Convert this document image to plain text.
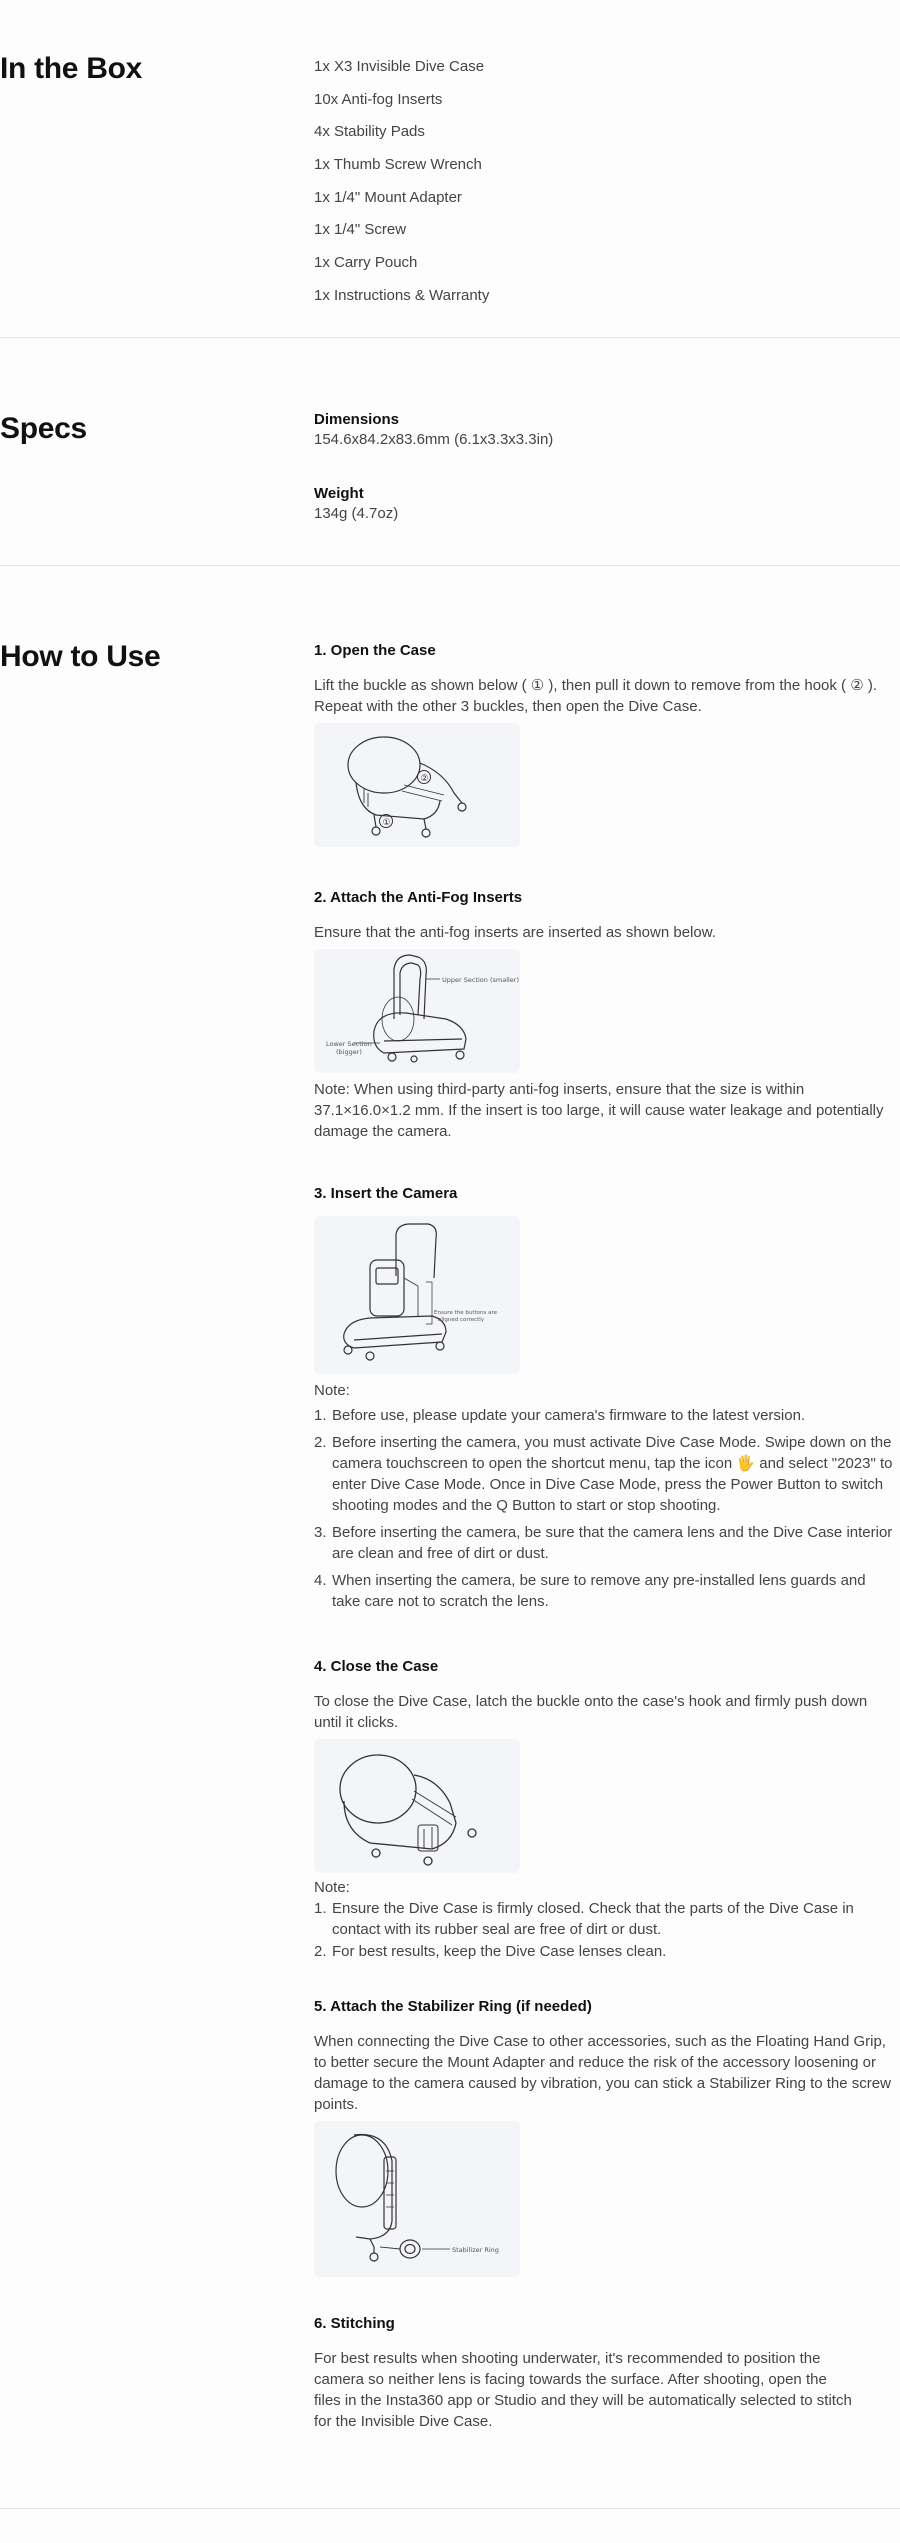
In the Box	1x X3 Invisible Dive Case
10x Anti-fog Inserts
4x Stability Pads
1x Thumb Screw Wrench
1x 1/4" Mount Adapter
1x 1/4" Screw
1x Carry Pouch
1x Instructions & Warranty
Specs	Dimensions
154.6x84.2x83.6mm (6.1x3.3x3.3in)
Weight
134g (4.7oz)
How to Use	1. Open the Case

Lift the buckle as shown below ( ① ), then pull it down to remove from the hook ( ② ). Repeat with the other 3 buckles, then open the Dive Case.

②
①
2. Attach the Anti-Fog Inserts

Ensure that the anti-fog inserts are inserted as shown below.

Upper Section (smaller)
Lower Section
(bigger)

Note: When using third-party anti-fog inserts, ensure that the size is within 37.1×16.0×1.2 mm. If the insert is too large, it will cause water leakage and potentially damage the camera.

3. Insert the Camera
Ensure the buttons are
aligned correctly

Note:

1. Before use, please update your camera's firmware to the latest version.
2. Before inserting the camera, you must activate Dive Case Mode. Swipe down on the camera touchscreen to open the shortcut menu, tap the icon 🖐 and select "2023" to enter Dive Case Mode. Once in Dive Case Mode, press the Power Button to switch shooting modes and the Q Button to start or stop shooting.
3. Before inserting the camera, be sure that the camera lens and the Dive Case interior are clean and free of dirt or dust.
4. When inserting the camera, be sure to remove any pre-installed lens guards and take care not to scratch the lens.
4. Close the Case

To close the Dive Case, latch the buckle onto the case's hook and firmly push down until it clicks.

Note:

1. Ensure the Dive Case is firmly closed. Check that the parts of the Dive Case in contact with its rubber seal are free of dirt or dust.
2. For best results, keep the Dive Case lenses clean.
5. Attach the Stabilizer Ring (if needed)

When connecting the Dive Case to other accessories, such as the Floating Hand Grip, to better secure the Mount Adapter and reduce the risk of the accessory loosening or damage to the camera caused by vibration, you can stick a Stabilizer Ring to the screw points.

Stabilizer Ring
6. Stitching

For best results when shooting underwater, it's recommended to position the camera so neither lens is facing towards the surface. After shooting, open the files in the Insta360 app or Studio and they will be automatically selected to stitch for the Invisible Dive Case.
